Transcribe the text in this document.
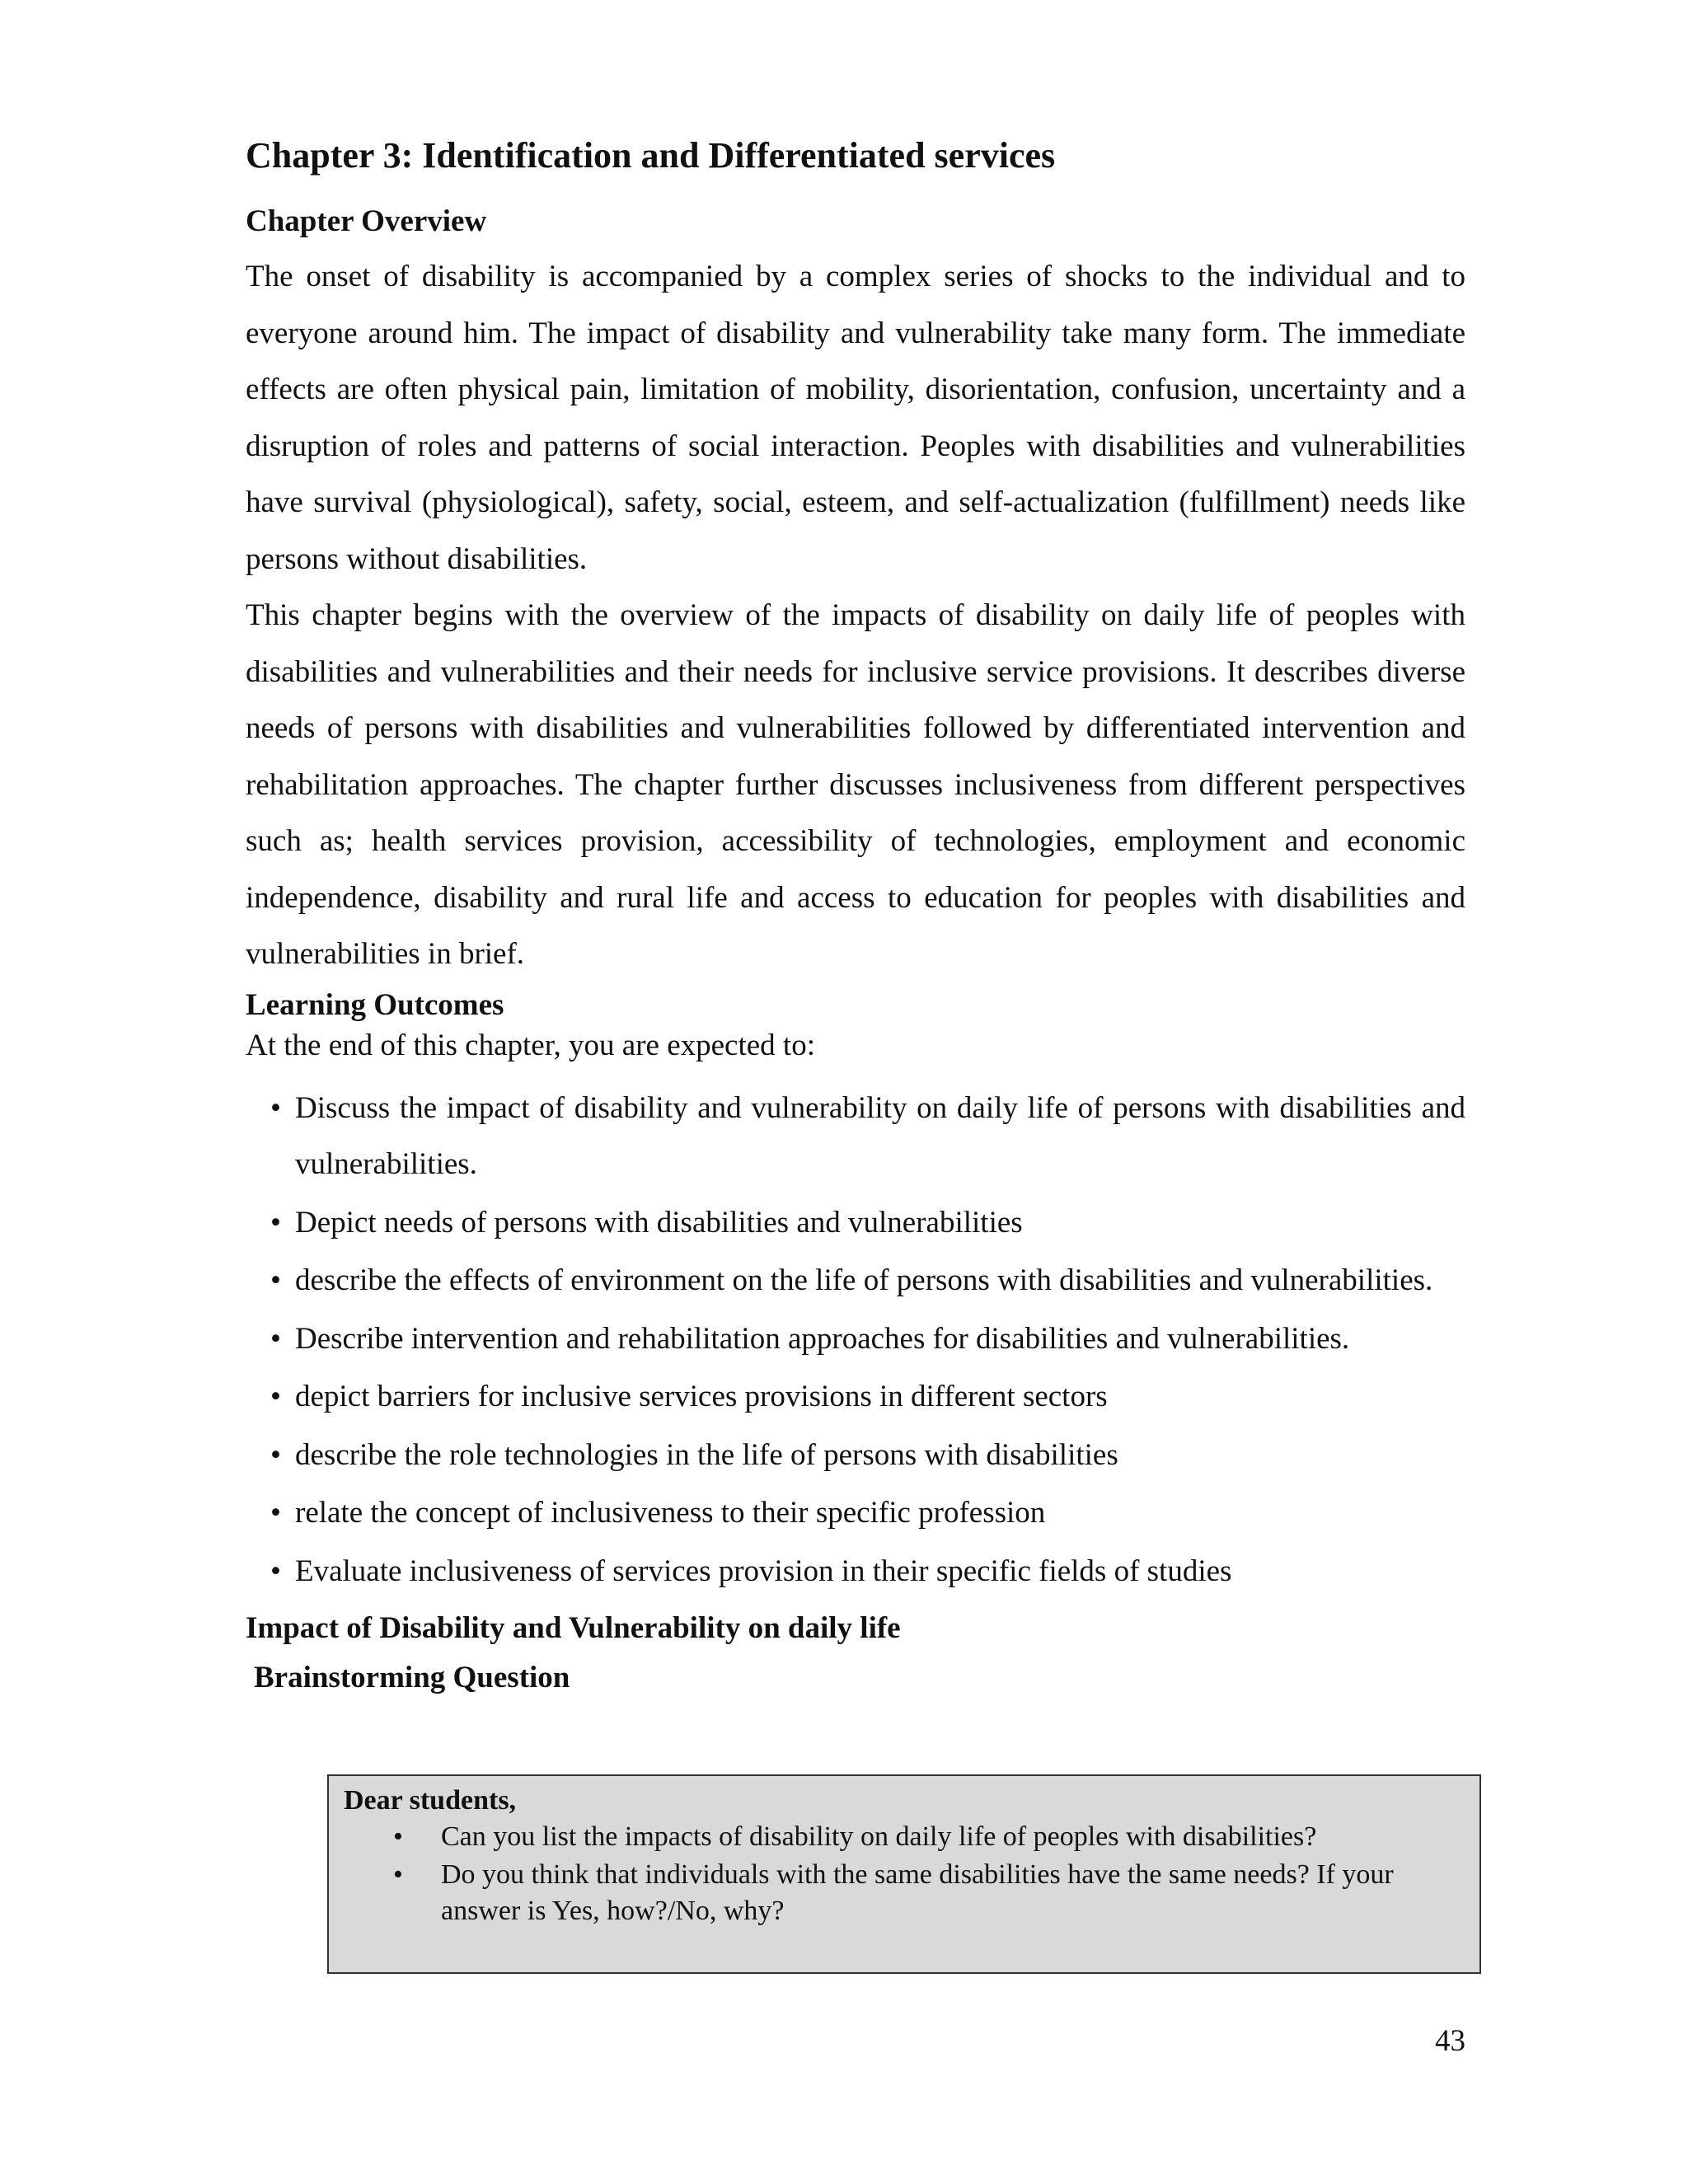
Chapter 3: Identification and Differentiated services
Chapter Overview

The onset of disability is accompanied by a complex series of shocks to the individual and to everyone around him. The impact of disability and vulnerability take many form. The immediate effects are often physical pain, limitation of mobility, disorientation, confusion, uncertainty and a disruption of roles and patterns of social interaction. Peoples with disabilities and vulnerabilities have survival (physiological), safety, social, esteem, and self-actualization (fulfillment) needs like persons without disabilities.

This chapter begins with the overview of the impacts of disability on daily life of peoples with disabilities and vulnerabilities and their needs for inclusive service provisions. It describes diverse needs of persons with disabilities and vulnerabilities followed by differentiated intervention and rehabilitation approaches. The chapter further discusses inclusiveness from different perspectives such as; health services provision, accessibility of technologies, employment and economic independence, disability and rural life and access to education for peoples with disabilities and vulnerabilities in brief.

Learning Outcomes

At the end of this chapter, you are expected to:

• Discuss the impact of disability and vulnerability on daily life of persons with disabilities and vulnerabilities.
• Depict needs of persons with disabilities and vulnerabilities
• describe the effects of environment on the life of persons with disabilities and vulnerabilities.
• Describe intervention and rehabilitation approaches for disabilities and vulnerabilities.
• depict barriers for inclusive services provisions in different sectors
• describe the role technologies in the life of persons with disabilities
• relate the concept of inclusiveness to their specific profession
• Evaluate inclusiveness of services provision in their specific fields of studies
Impact of Disability and Vulnerability on daily life
Brainstorming Question
Dear students,
• Can you list the impacts of disability on daily life of peoples with disabilities?
• Do you think that individuals with the same disabilities have the same needs? If your answer is Yes, how?/No, why?
43
